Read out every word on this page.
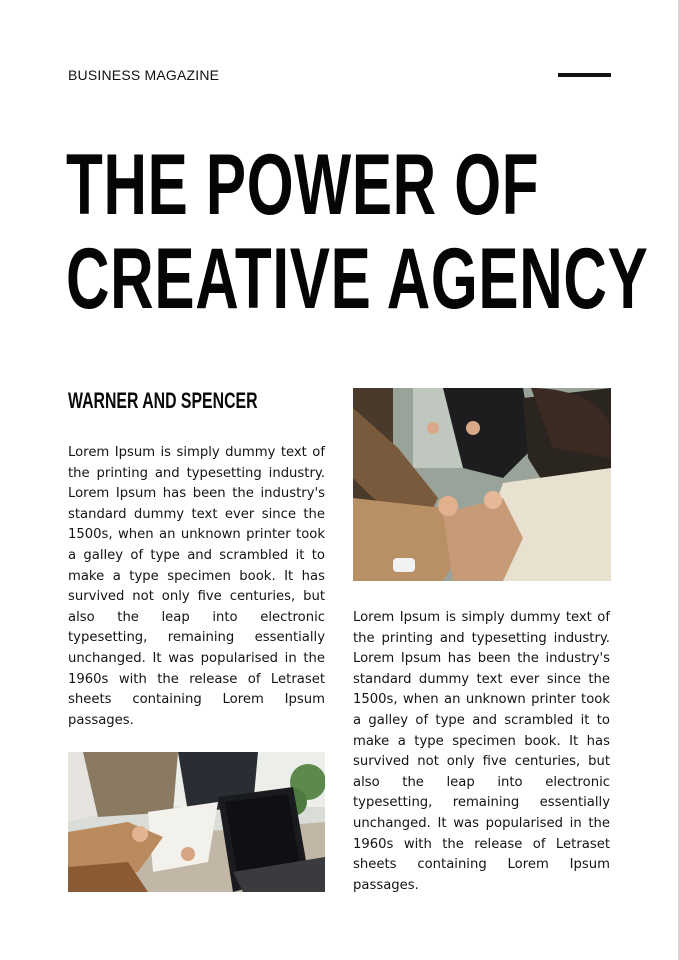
BUSINESS MAGAZINE
THE POWER OF
CREATIVE AGENCY
WARNER AND SPENCER

Lorem Ipsum is simply dummy text of the printing and typesetting industry. Lorem Ipsum has been the industry's standard dummy text ever since the 1500s, when an unknown printer took a galley of type and scrambled it to make a type specimen book. It has survived not only five centuries, but also the leap into electronic typesetting, remaining essentially unchanged. It was popularised in the 1960s with the release of Letraset sheets containing Lorem Ipsum passages.

Lorem Ipsum is simply dummy text of the printing and typesetting industry. Lorem Ipsum has been the industry's standard dummy text ever since the 1500s, when an unknown printer took a galley of type and scrambled it to make a type specimen book. It has survived not only five centuries, but also the leap into electronic typesetting, remaining essentially unchanged. It was popularised in the 1960s with the release of Letraset sheets containing Lorem Ipsum passages.
